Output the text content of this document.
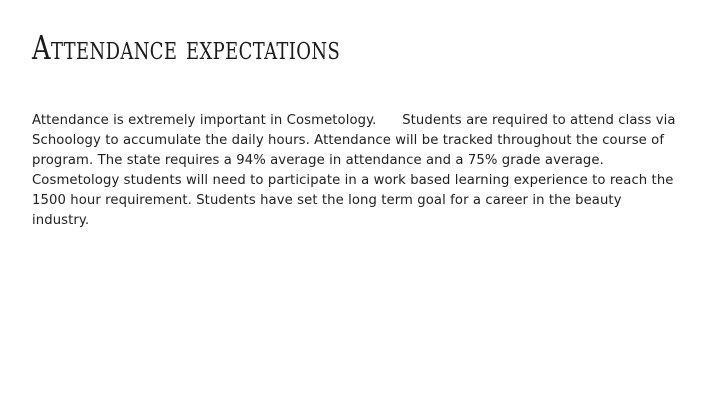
Attendance expectations

Attendance is extremely important in Cosmetology.      Students are required to attend class via Schoology to accumulate the daily hours. Attendance will be tracked throughout the course of program. The state requires a 94% average in attendance and a 75% grade average. Cosmetology students will need to participate in a work based learning experience to reach the 1500 hour requirement. Students have set the long term goal for a career in the beauty industry.
